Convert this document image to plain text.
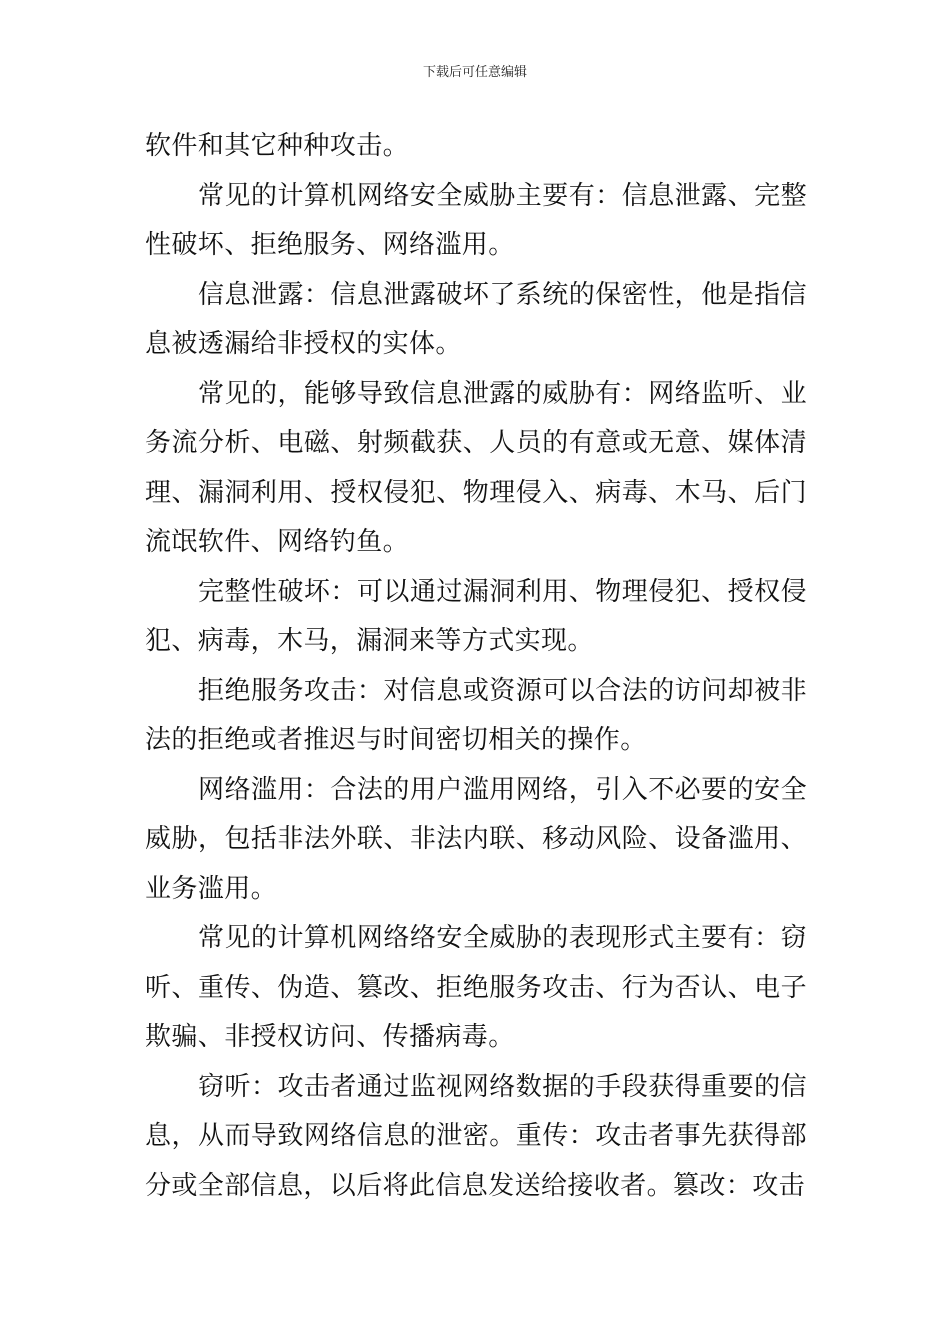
下载后可任意编辑

软件和其它种种攻击。

常见的计算机网络安全威胁主要有：信息泄露、完整性破坏、拒绝服务、网络滥用。

信息泄露：信息泄露破坏了系统的保密性，他是指信息被透漏给非授权的实体。

常见的，能够导致信息泄露的威胁有：网络监听、业务流分析、电磁、射频截获、人员的有意或无意、媒体清理、漏洞利用、授权侵犯、物理侵入、病毒、木马、后门流氓软件、网络钓鱼。

完整性破坏：可以通过漏洞利用、物理侵犯、授权侵犯、病毒，木马，漏洞来等方式实现。

拒绝服务攻击：对信息或资源可以合法的访问却被非法的拒绝或者推迟与时间密切相关的操作。

网络滥用：合法的用户滥用网络，引入不必要的安全威胁，包括非法外联、非法内联、移动风险、设备滥用、业务滥用。

常见的计算机网络络安全威胁的表现形式主要有：窃听、重传、伪造、篡改、拒绝服务攻击、行为否认、电子欺骗、非授权访问、传播病毒。

窃听：攻击者通过监视网络数据的手段获得重要的信息，从而导致网络信息的泄密。重传：攻击者事先获得部分或全部信息，以后将此信息发送给接收者。篡改：攻击
